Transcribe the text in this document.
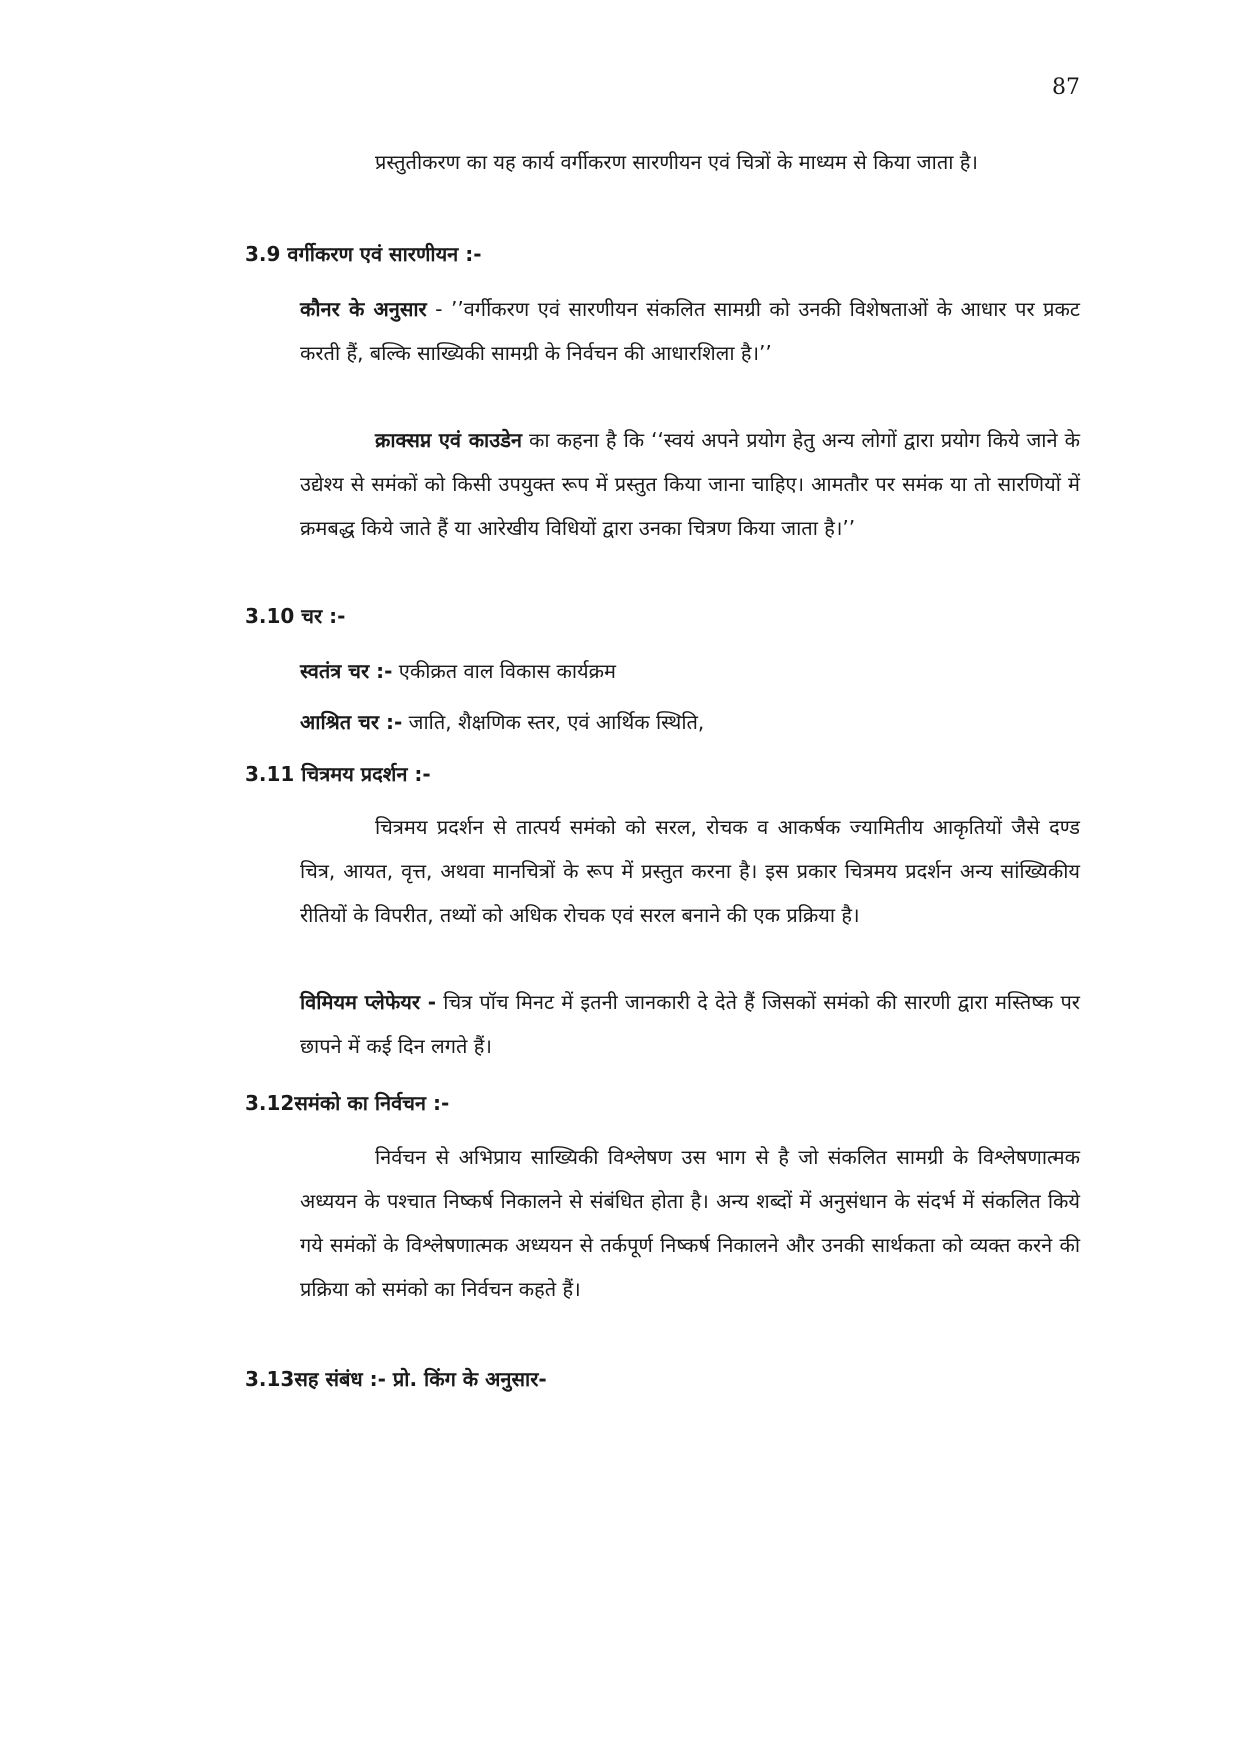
87
प्रस्तुतीकरण का यह कार्य वर्गीकरण सारणीयन एवं चित्रों के माध्यम से किया जाता है।
3.9 वर्गीकरण एवं सारणीयन :-
कौनर के अनुसार - ’’वर्गीकरण एवं सारणीयन संकलित सामग्री को उनकी विशेषताओं के आधार पर प्रकट करती हैं, बल्कि साख्यिकी सामग्री के निर्वचन की आधारशिला है।’’
क्राक्सप्न एवं काउडेन का कहना है कि ‘‘स्वयं अपने प्रयोग हेतु अन्य लोगों द्वारा प्रयोग किये जाने के उद्येश्य से समंकों को किसी उपयुक्त रूप में प्रस्तुत किया जाना चाहिए। आमतौर पर समंक या तो सारणियों में क्रमबद्ध किये जाते हैं या आरेखीय विधियों द्वारा उनका चित्रण किया जाता है।’’
3.10 चर :-
स्वतंत्र चर :- एकीक्रत वाल विकास कार्यक्रम
आश्रित चर :- जाति, शैक्षणिक स्तर, एवं आर्थिक स्थिति,
3.11 चित्रमय प्रदर्शन :-
चित्रमय प्रदर्शन से तात्पर्य समंको को सरल, रोचक व आकर्षक ज्यामितीय आकृतियों जैसे दण्ड चित्र, आयत, वृत्त, अथवा मानचित्रों के रूप में प्रस्तुत करना है। इस प्रकार चित्रमय प्रदर्शन अन्य सांख्यिकीय रीतियों के विपरीत, तथ्यों को अधिक रोचक एवं सरल बनाने की एक प्रक्रिया है।
विमियम प्लेफेयर - चित्र पॉच मिनट में इतनी जानकारी दे देते हैं जिसकों समंको की सारणी द्वारा मस्तिष्क पर छापने में कई दिन लगते हैं।
3.12समंको का निर्वचन :-
निर्वचन से अभिप्राय साख्यिकी विश्लेषण उस भाग से है जो संकलित सामग्री के विश्लेषणात्मक अध्ययन के पश्चात निष्कर्ष निकालने से संबंधित होता है। अन्य शब्दों में अनुसंधान के संदर्भ में संकलित किये गये समंकों के विश्लेषणात्मक अध्ययन से तर्कपूर्ण निष्कर्ष निकालने और उनकी सार्थकता को व्यक्त करने की प्रक्रिया को समंको का निर्वचन कहते हैं।
3.13सह संबंध :- प्रो. किंग के अनुसार-
